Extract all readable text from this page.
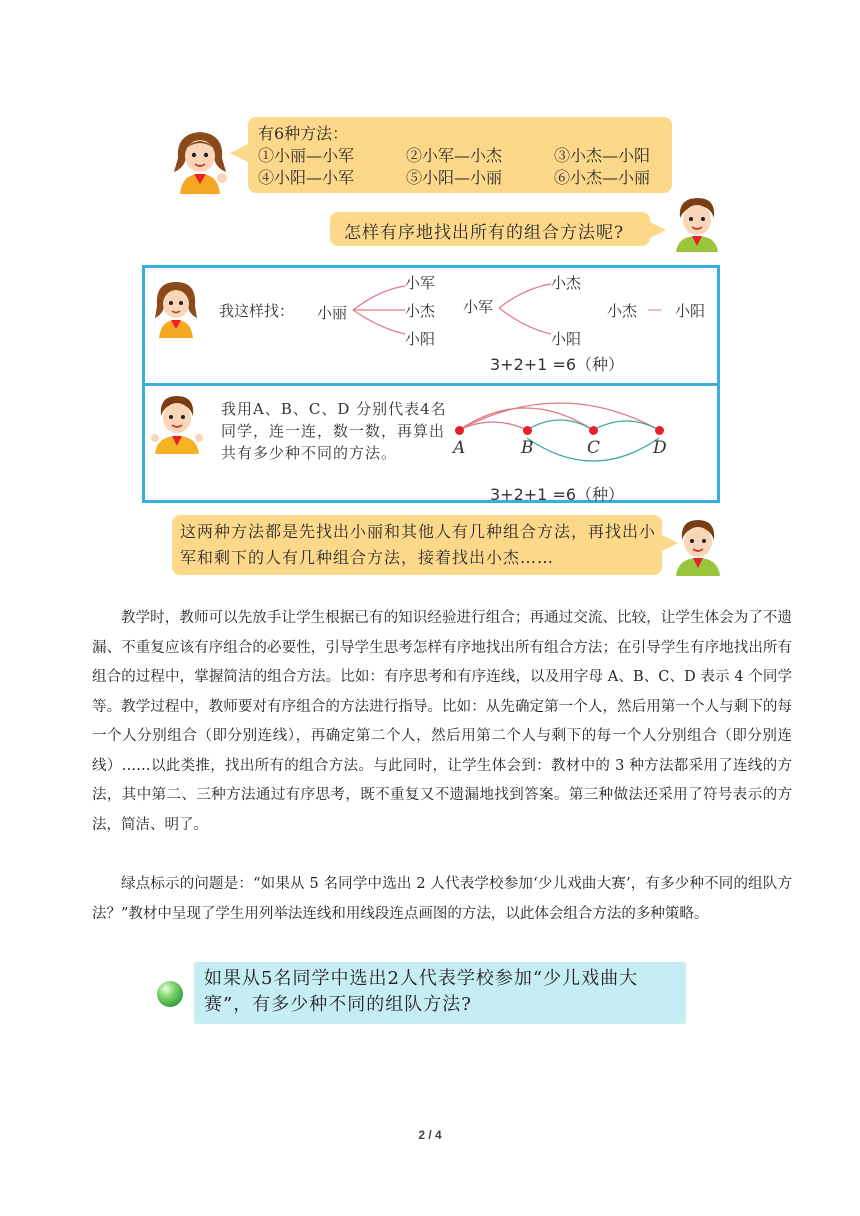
有6种方法：
①小丽—小军	②小军—小杰	③小杰—小阳
④小阳—小军	⑤小阳—小丽	⑥小杰—小丽
怎样有序地找出所有的组合方法呢?
我这样找： 小丽
小军
小杰
小阳
小军
小杰
小阳
小杰 — 小阳
3+2+1 =6（种）
我用A、B、C、D 分别代表4名同学，连一连，数一数，再算出共有多少种不同的方法。	A	B	C	D
3+2+1 =6（种）
这两种方法都是先找出小丽和其他人有几种组合方法，再找出小军和剩下的人有几种组合方法，接着找出小杰……
教学时，教师可以先放手让学生根据已有的知识经验进行组合；再通过交流、比较，让学生体会为了不遗漏、不重复应该有序组合的必要性，引导学生思考怎样有序地找出所有组合方法；在引导学生有序地找出所有组合的过程中，掌握简洁的组合方法。比如：有序思考和有序连线，以及用字母 A、B、C、D 表示 4 个同学等。教学过程中，教师要对有序组合的方法进行指导。比如：从先确定第一个人，然后用第一个人与剩下的每一个人分别组合（即分别连线），再确定第二个人，然后用第二个人与剩下的每一个人分别组合（即分别连线）……以此类推，找出所有的组合方法。与此同时，让学生体会到：教材中的 3 种方法都采用了连线的方法，其中第二、三种方法通过有序思考，既不重复又不遗漏地找到答案。第三种做法还采用了符号表示的方法，简洁、明了。
绿点标示的问题是：“如果从 5 名同学中选出 2 人代表学校参加‘少儿戏曲大赛’，有多少种不同的组队方法？”教材中呈现了学生用列举法连线和用线段连点画图的方法，以此体会组合方法的多种策略。
如果从5名同学中选出2人代表学校参加“少儿戏曲大赛”，有多少种不同的组队方法?
2 / 4
